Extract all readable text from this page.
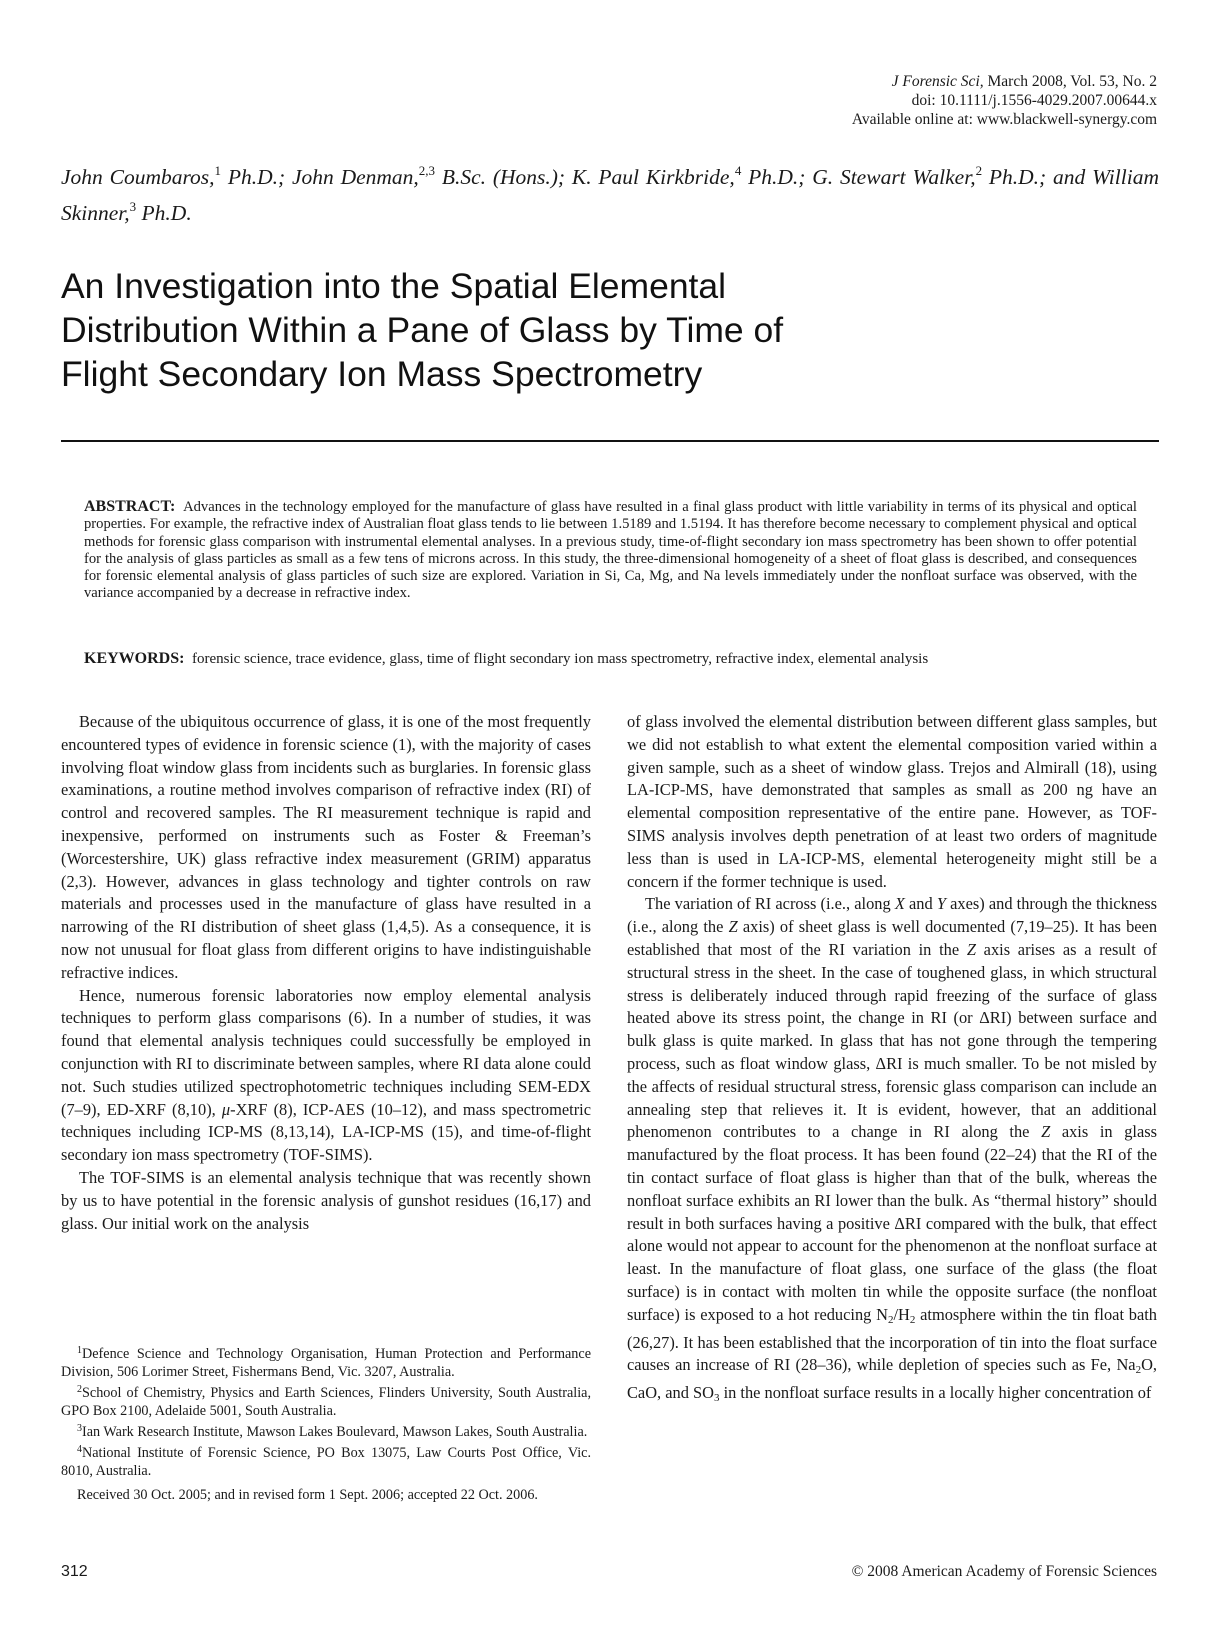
J Forensic Sci, March 2008, Vol. 53, No. 2
doi: 10.1111/j.1556-4029.2007.00644.x
Available online at: www.blackwell-synergy.com
John Coumbaros,$^1$ Ph.D.; John Denman,$^{2,3}$ B.Sc. (Hons.); K. Paul Kirkbride,$^4$ Ph.D.; G. Stewart Walker,$^2$ Ph.D.; and William Skinner,$^3$ Ph.D.
An Investigation into the Spatial Elemental
Distribution Within a Pane of Glass by Time of
Flight Secondary Ion Mass Spectrometry
ABSTRACT: Advances in the technology employed for the manufacture of glass have resulted in a final glass product with little variability in terms of its physical and optical properties. For example, the refractive index of Australian float glass tends to lie between 1.5189 and 1.5194. It has therefore become necessary to complement physical and optical methods for forensic glass comparison with instrumental elemental analyses. In a previous study, time-of-flight secondary ion mass spectrometry has been shown to offer potential for the analysis of glass particles as small as a few tens of microns across. In this study, the three-dimensional homogeneity of a sheet of float glass is described, and consequences for forensic elemental analysis of glass particles of such size are explored. Variation in Si, Ca, Mg, and Na levels immediately under the nonfloat surface was observed, with the variance accompanied by a decrease in refractive index.
KEYWORDS: forensic science, trace evidence, glass, time of flight secondary ion mass spectrometry, refractive index, elemental analysis

Because of the ubiquitous occurrence of glass, it is one of the most frequently encountered types of evidence in forensic science (1), with the majority of cases involving float window glass from incidents such as burglaries. In forensic glass examinations, a routine method involves comparison of refractive index (RI) of control and recovered samples. The RI measurement technique is rapid and inexpensive, performed on instruments such as Foster & Freeman’s (Worcestershire, UK) glass refractive index measurement (GRIM) apparatus (2,3). However, advances in glass technology and tighter controls on raw materials and processes used in the manufacture of glass have resulted in a narrowing of the RI distribution of sheet glass (1,4,5). As a consequence, it is now not unusual for float glass from different origins to have indistinguishable refractive indices.

Hence, numerous forensic laboratories now employ elemental analysis techniques to perform glass comparisons (6). In a number of studies, it was found that elemental analysis techniques could successfully be employed in conjunction with RI to discriminate between samples, where RI data alone could not. Such studies utilized spectrophotometric techniques including SEM-EDX (7–9), ED-XRF (8,10), μ-XRF (8), ICP-AES (10–12), and mass spectrometric techniques including ICP-MS (8,13,14), LA-ICP-MS (15), and time-of-flight secondary ion mass spectrometry (TOF-SIMS).

The TOF-SIMS is an elemental analysis technique that was recently shown by us to have potential in the forensic analysis of gunshot residues (16,17) and glass. Our initial work on the analysis

of glass involved the elemental distribution between different glass samples, but we did not establish to what extent the elemental composition varied within a given sample, such as a sheet of window glass. Trejos and Almirall (18), using LA-ICP-MS, have demonstrated that samples as small as 200 ng have an elemental composition representative of the entire pane. However, as TOF-SIMS analysis involves depth penetration of at least two orders of magnitude less than is used in LA-ICP-MS, elemental heterogeneity might still be a concern if the former technique is used.

The variation of RI across (i.e., along X and Y axes) and through the thickness (i.e., along the Z axis) of sheet glass is well documented (7,19–25). It has been established that most of the RI variation in the Z axis arises as a result of structural stress in the sheet. In the case of toughened glass, in which structural stress is deliberately induced through rapid freezing of the surface of glass heated above its stress point, the change in RI (or ΔRI) between surface and bulk glass is quite marked. In glass that has not gone through the tempering process, such as float window glass, ΔRI is much smaller. To be not misled by the affects of residual structural stress, forensic glass comparison can include an annealing step that relieves it. It is evident, however, that an additional phenomenon contributes to a change in RI along the Z axis in glass manufactured by the float process. It has been found (22–24) that the RI of the tin contact surface of float glass is higher than that of the bulk, whereas the nonfloat surface exhibits an RI lower than the bulk. As “thermal history” should result in both surfaces having a positive ΔRI compared with the bulk, that effect alone would not appear to account for the phenomenon at the nonfloat surface at least. In the manufacture of float glass, one surface of the glass (the float surface) is in contact with molten tin while the opposite surface (the nonfloat surface) is exposed to a hot reducing $N_2/H_2$ atmosphere within the tin float bath (26,27). It has been established that the incorporation of tin into the float surface causes an increase of RI (28–36), while depletion of species such as Fe, $Na_2O$, CaO, and $SO_3$ in the nonfloat surface results in a locally higher concentration of

$^1$Defence Science and Technology Organisation, Human Protection and Performance Division, 506 Lorimer Street, Fishermans Bend, Vic. 3207, Australia.

$^2$School of Chemistry, Physics and Earth Sciences, Flinders University, South Australia, GPO Box 2100, Adelaide 5001, South Australia.

$^3$Ian Wark Research Institute, Mawson Lakes Boulevard, Mawson Lakes, South Australia.

$^4$National Institute of Forensic Science, PO Box 13075, Law Courts Post Office, Vic. 8010, Australia.

Received 30 Oct. 2005; and in revised form 1 Sept. 2006; accepted 22 Oct. 2006.

312	© 2008 American Academy of Forensic Sciences
